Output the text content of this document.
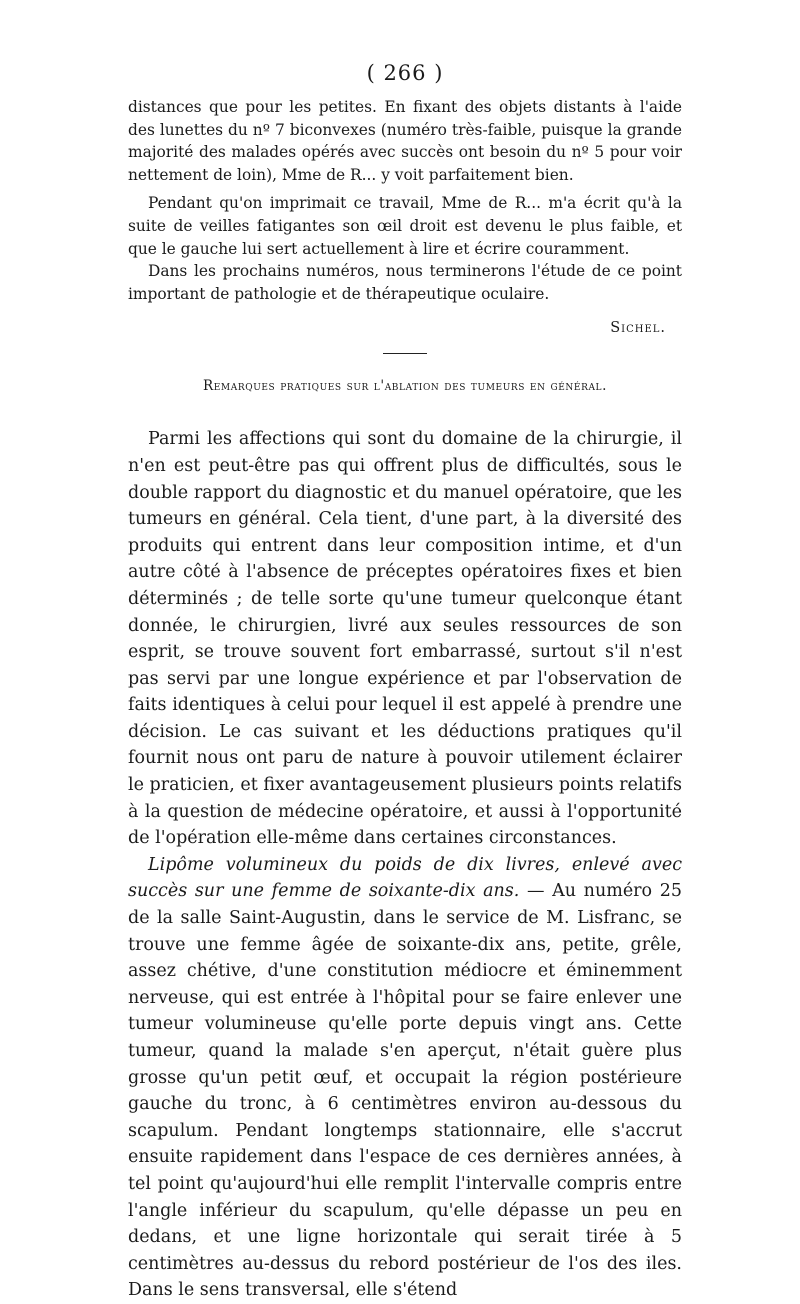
( 266 )

distances que pour les petites. En fixant des objets distants à l'aide des lunettes du nº 7 biconvexes (numéro très-faible, puisque la grande majorité des malades opérés avec succès ont besoin du nº 5 pour voir nettement de loin), Mme de R... y voit parfaitement bien.

Pendant qu'on imprimait ce travail, Mme de R... m'a écrit qu'à la suite de veilles fatigantes son œil droit est devenu le plus faible, et que le gauche lui sert actuellement à lire et écrire couramment.

Dans les prochains numéros, nous terminerons l'étude de ce point important de pathologie et de thérapeutique oculaire.

Sichel.
Remarques pratiques sur l'ablation des tumeurs en général.

Parmi les affections qui sont du domaine de la chirurgie, il n'en est peut-être pas qui offrent plus de difficultés, sous le double rapport du diagnostic et du manuel opératoire, que les tumeurs en général. Cela tient, d'une part, à la diversité des produits qui entrent dans leur composition intime, et d'un autre côté à l'absence de préceptes opératoires fixes et bien déterminés ; de telle sorte qu'une tumeur quelconque étant donnée, le chirurgien, livré aux seules ressources de son esprit, se trouve souvent fort embarrassé, surtout s'il n'est pas servi par une longue expérience et par l'observation de faits identiques à celui pour lequel il est appelé à prendre une décision. Le cas suivant et les déductions pratiques qu'il fournit nous ont paru de nature à pouvoir utilement éclairer le praticien, et fixer avantageusement plusieurs points relatifs à la question de médecine opératoire, et aussi à l'opportunité de l'opération elle-même dans certaines circonstances.

Lipôme volumineux du poids de dix livres, enlevé avec succès sur une femme de soixante-dix ans. — Au numéro 25 de la salle Saint-Augustin, dans le service de M. Lisfranc, se trouve une femme âgée de soixante-dix ans, petite, grêle, assez chétive, d'une constitution médiocre et éminemment nerveuse, qui est entrée à l'hôpital pour se faire enlever une tumeur volumineuse qu'elle porte depuis vingt ans. Cette tumeur, quand la malade s'en aperçut, n'était guère plus grosse qu'un petit œuf, et occupait la région postérieure gauche du tronc, à 6 centimètres environ au-dessous du scapulum. Pendant longtemps stationnaire, elle s'accrut ensuite rapidement dans l'espace de ces dernières années, à tel point qu'aujourd'hui elle remplit l'intervalle compris entre l'angle inférieur du scapulum, qu'elle dépasse un peu en dedans, et une ligne horizontale qui serait tirée à 5 centimètres au-dessus du rebord postérieur de l'os des iles. Dans le sens transversal, elle s'étend
